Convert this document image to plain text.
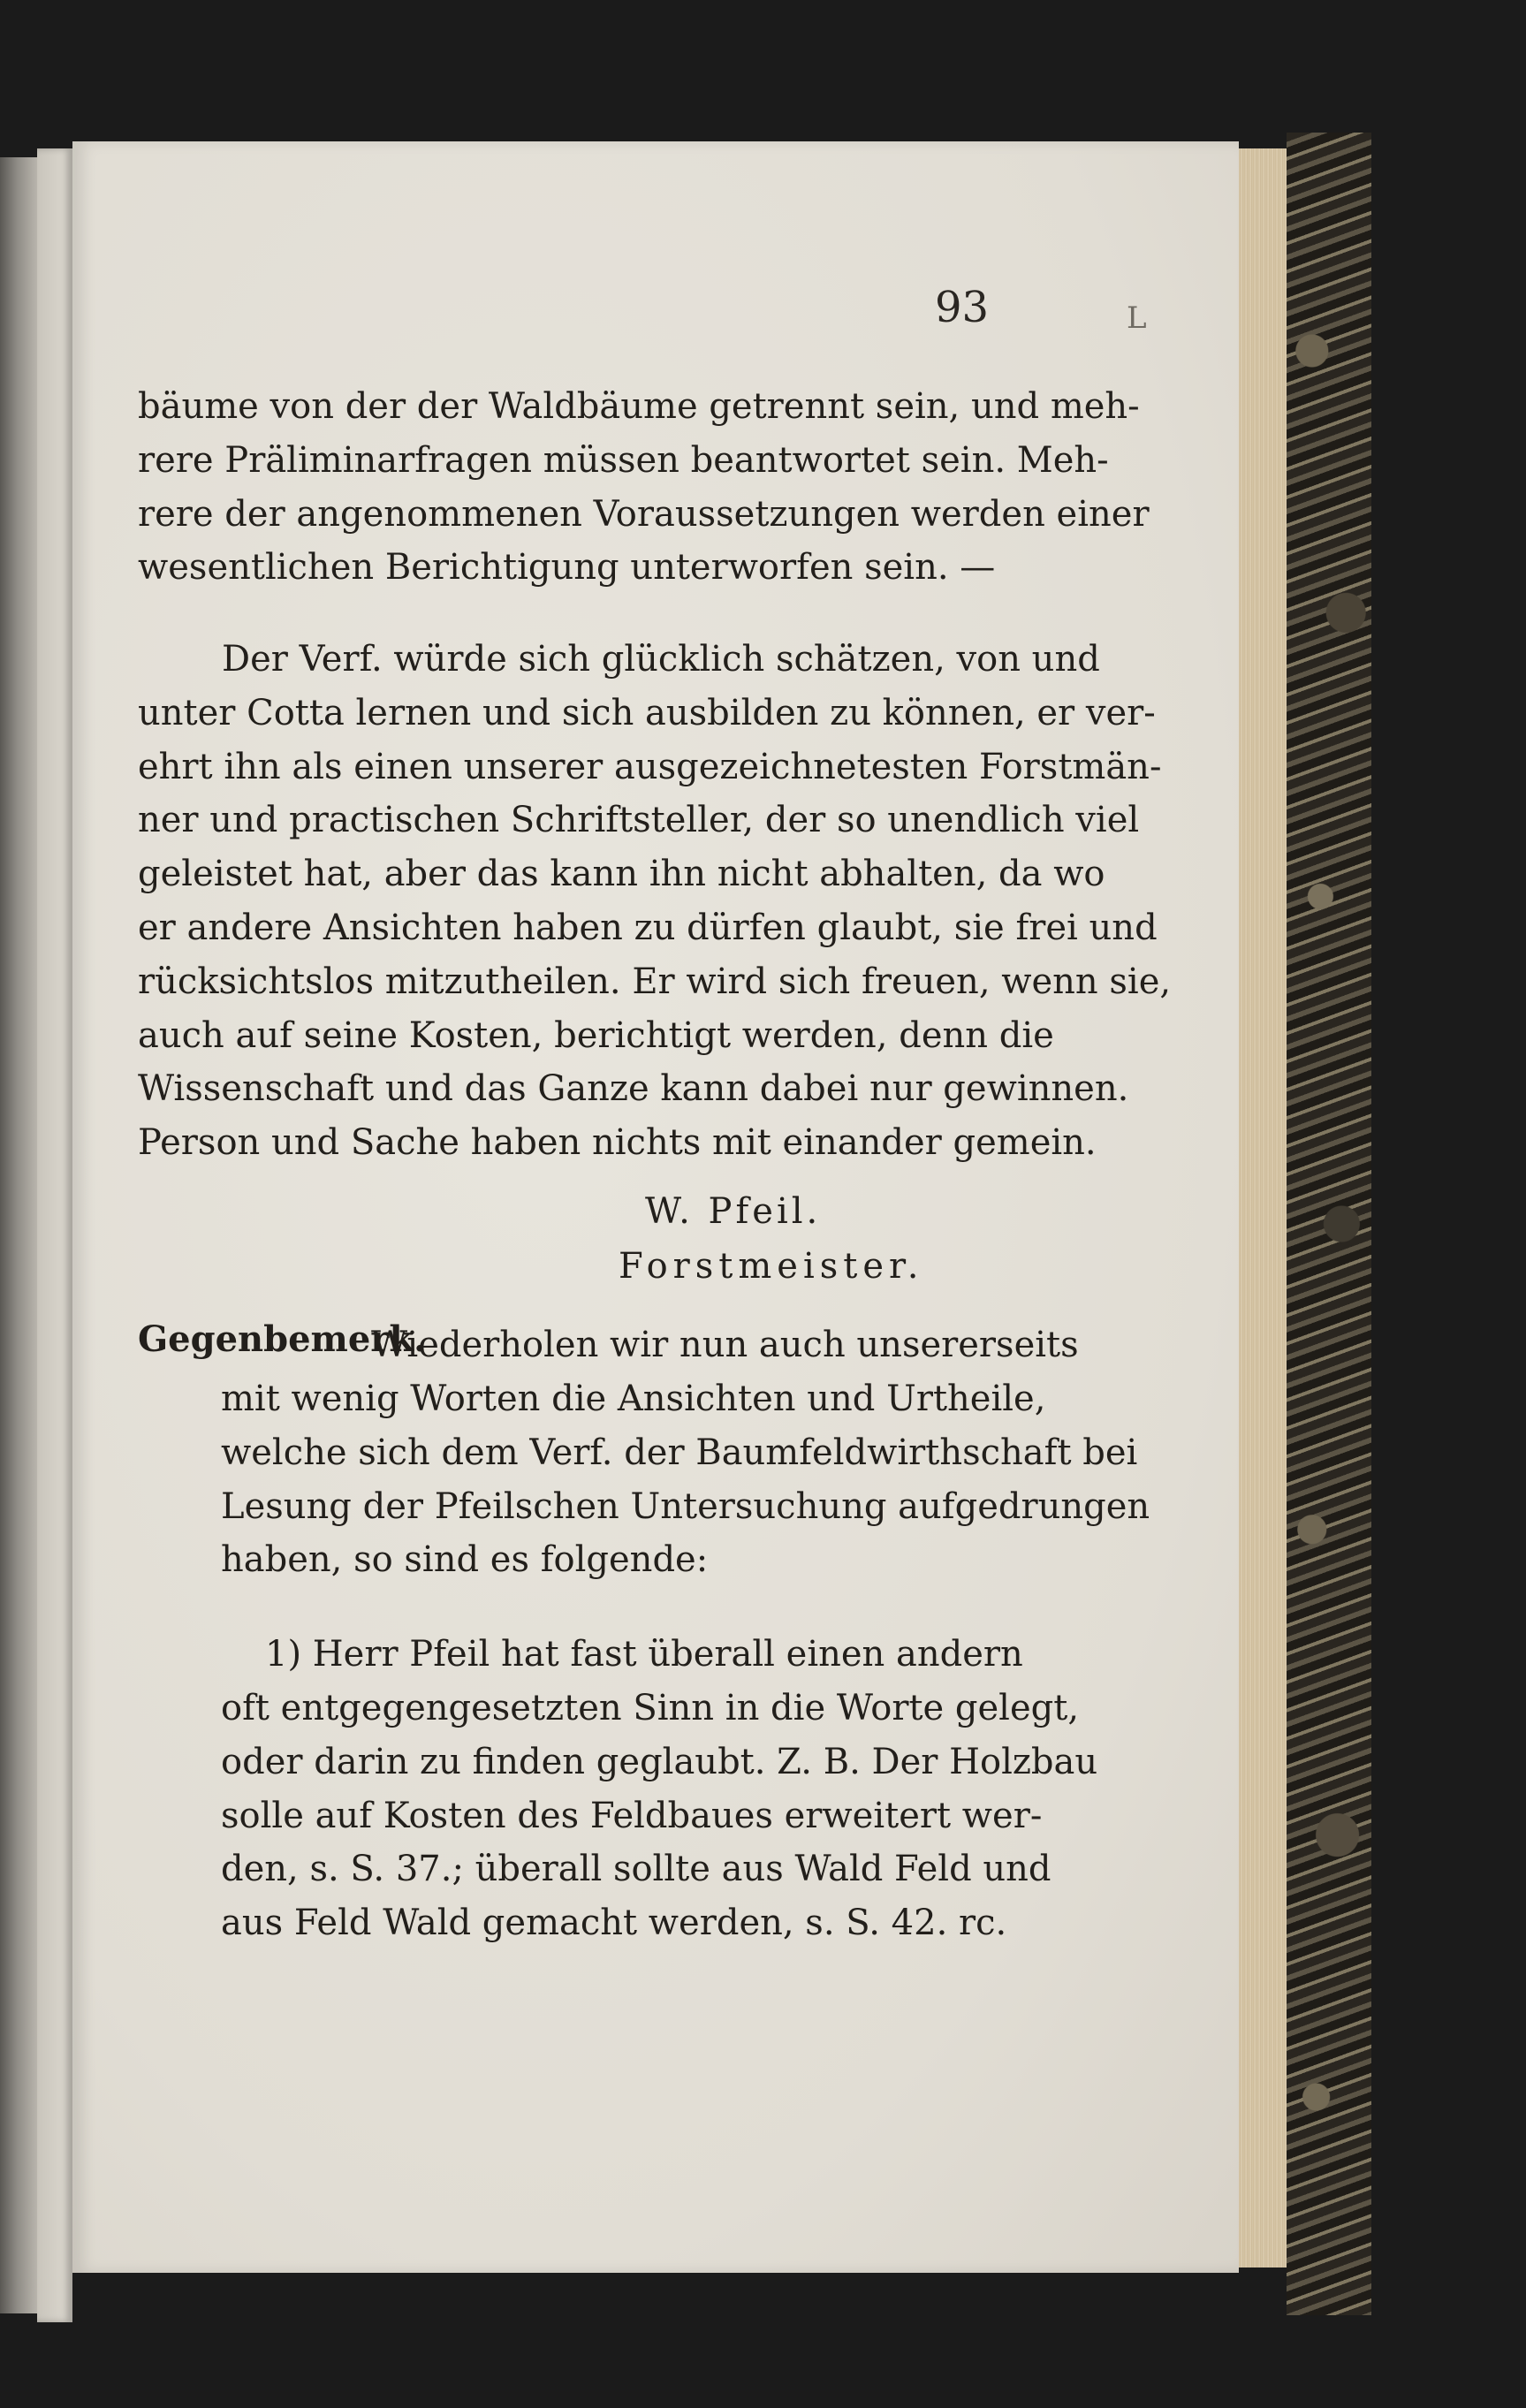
93	L
bäume von der der Waldbäume getrennt sein, und meh-
rere Präliminarfragen müssen beantwortet sein. Meh-
rere der angenommenen Voraussetzungen werden einer
wesentlichen Berichtigung unterworfen sein. —
Der Verf. würde sich glücklich schätzen, von und
unter Cotta lernen und sich ausbilden zu können, er ver-
ehrt ihn als einen unserer ausgezeichnetesten Forstmän-
ner und practischen Schriftsteller, der so unendlich viel
geleistet hat, aber das kann ihn nicht abhalten, da wo
er andere Ansichten haben zu dürfen glaubt, sie frei und
rücksichtslos mitzutheilen. Er wird sich freuen, wenn sie,
auch auf seine Kosten, berichtigt werden, denn die
Wissenschaft und das Ganze kann dabei nur gewinnen.
Person und Sache haben nichts mit einander gemein.
W. Pfeil.
Forstmeister.
Gegenbemerk.
Wiederholen wir nun auch unsererseits
mit wenig Worten die Ansichten und Urtheile,
welche sich dem Verf. der Baumfeldwirthschaft bei
Lesung der Pfeilschen Untersuchung aufgedrungen
haben, so sind es folgende:
1) Herr Pfeil hat fast überall einen andern
oft entgegengesetzten Sinn in die Worte gelegt,
oder darin zu finden geglaubt. Z. B. Der Holzbau
solle auf Kosten des Feldbaues erweitert wer-
den, s. S. 37.; überall sollte aus Wald Feld und
aus Feld Wald gemacht werden, s. S. 42. rc.
